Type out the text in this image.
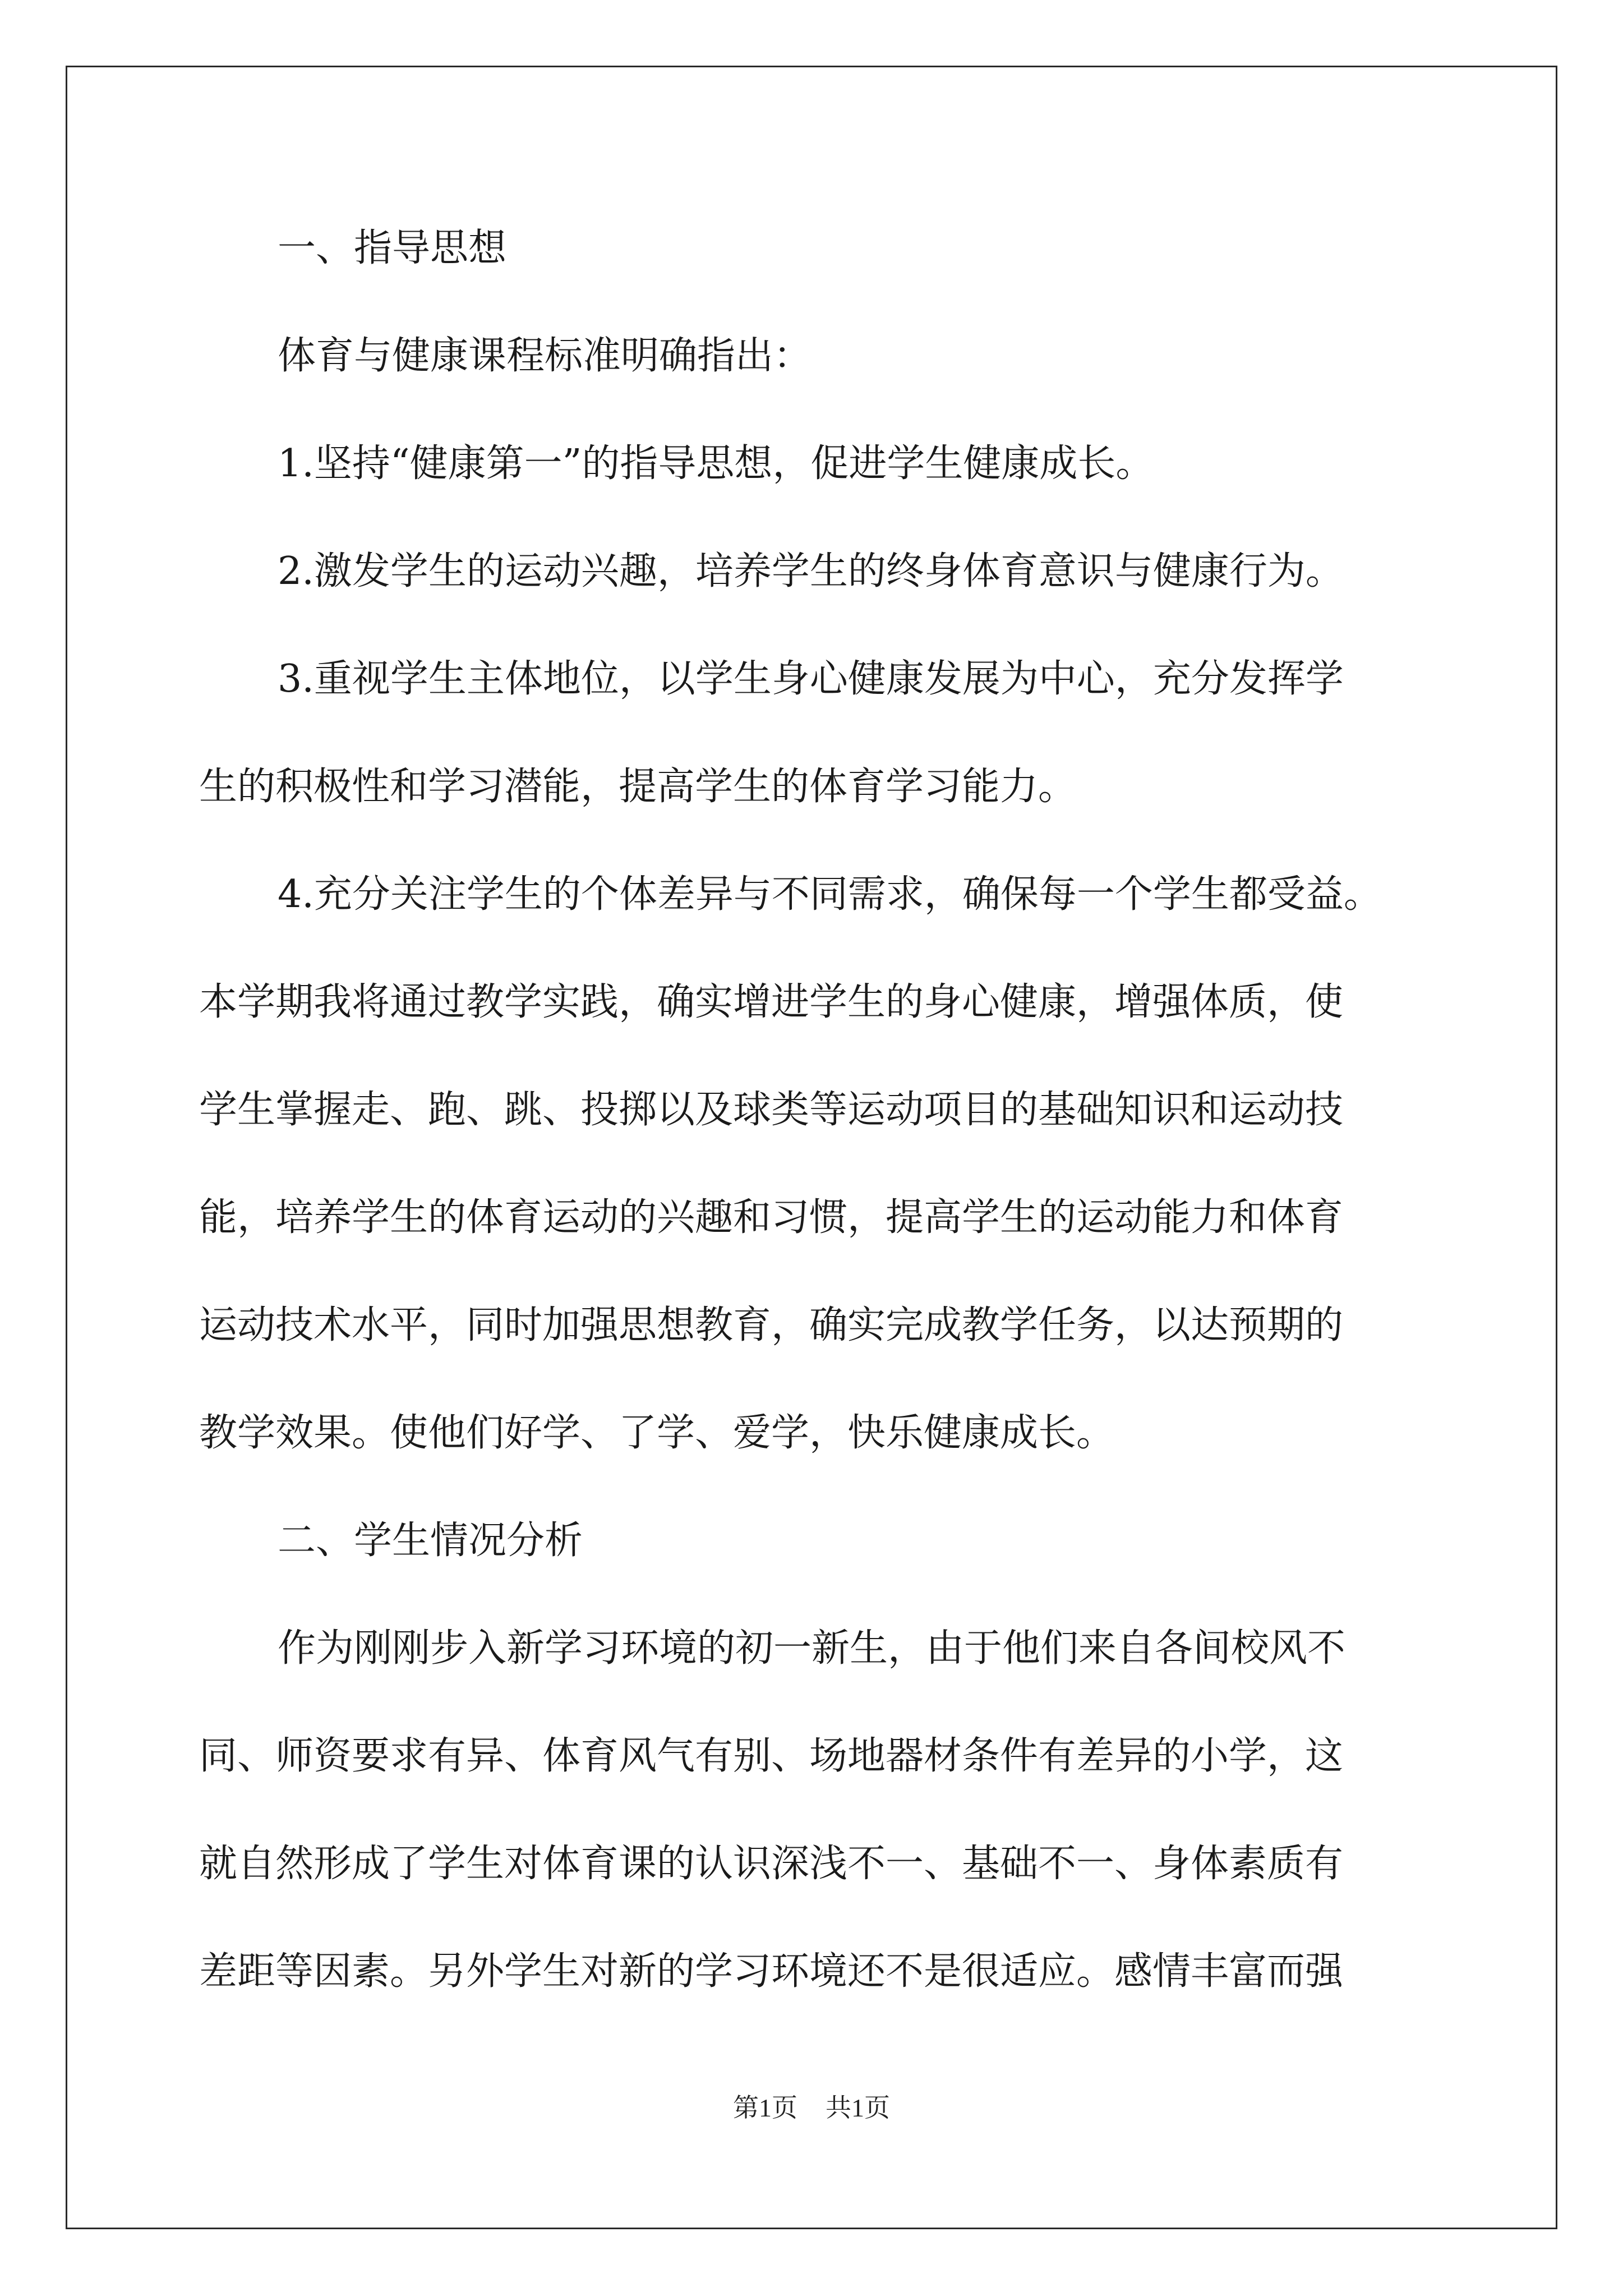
一、指导思想
体育与健康课程标准明确指出：
1.坚持“健康第一”的指导思想，促进学生健康成长。
2.激发学生的运动兴趣，培养学生的终身体育意识与健康行为。
3.重视学生主体地位，以学生身心健康发展为中心，充分发挥学
生的积极性和学习潜能，提高学生的体育学习能力。
4.充分关注学生的个体差异与不同需求，确保每一个学生都受益。
本学期我将通过教学实践，确实增进学生的身心健康，增强体质，使
学生掌握走、跑、跳、投掷以及球类等运动项目的基础知识和运动技
能，培养学生的体育运动的兴趣和习惯，提高学生的运动能力和体育
运动技术水平，同时加强思想教育，确实完成教学任务，以达预期的
教学效果。使他们好学、了学、爱学，快乐健康成长。
二、学生情况分析
作为刚刚步入新学习环境的初一新生，由于他们来自各间校风不
同、师资要求有异、体育风气有别、场地器材条件有差异的小学，这
就自然形成了学生对体育课的认识深浅不一、基础不一、身体素质有
差距等因素。另外学生对新的学习环境还不是很适应。感情丰富而强
第1页 共1页
